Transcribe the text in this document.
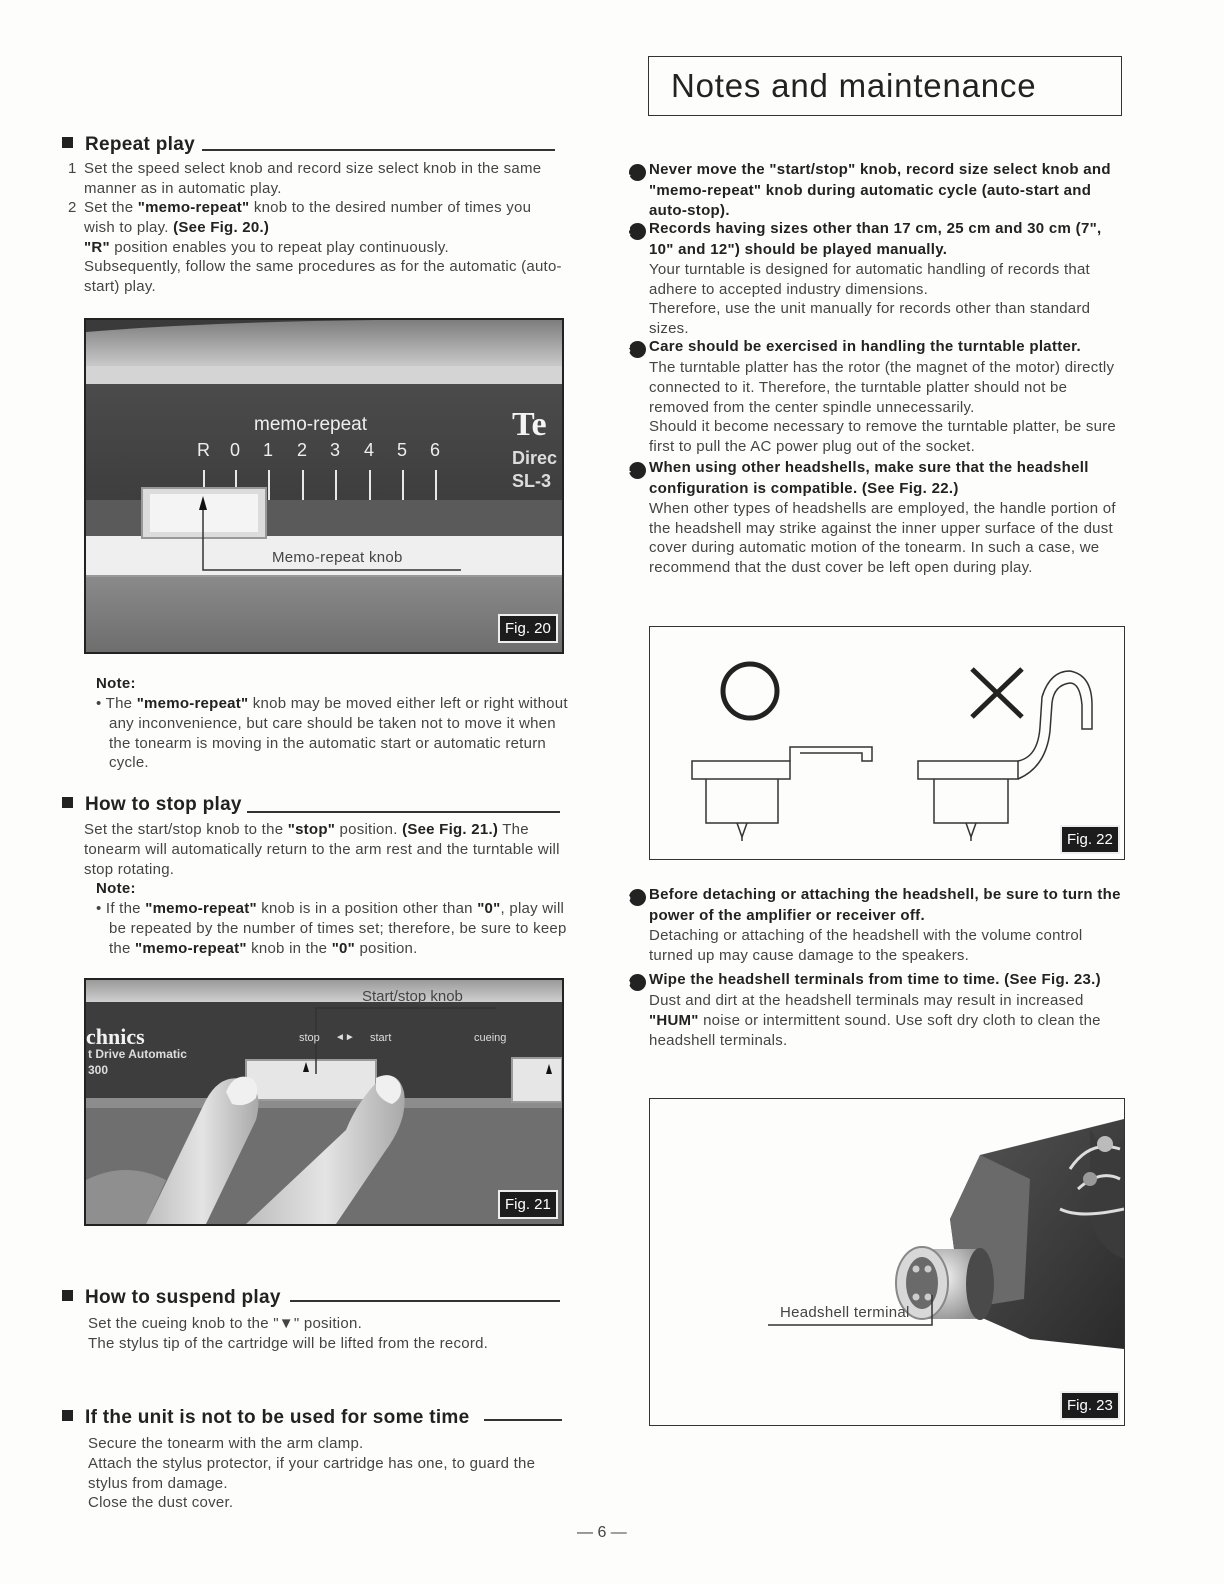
Notes and maintenance
Repeat play
1 Set the speed select knob and record size select knob in the same manner as in automatic play.
2 Set the "memo-repeat" knob to the desired number of times you wish to play. (See Fig. 20.)
"R" position enables you to repeat play continuously.
Subsequently, follow the same procedures as for the automatic (auto-start) play.
memo-repeat
R 0 1 2 3 4 5 6
Te
Direc
SL-3
Memo-repeat knob
Fig. 20
Note:
• The "memo-repeat" knob may be moved either left or right without any inconvenience, but care should be taken not to move it when the tonearm is moving in the automatic start or automatic return cycle.
How to stop play
Set the start/stop knob to the "stop" position. (See Fig. 21.) The tonearm will automatically return to the arm rest and the turntable will stop rotating.
Note:
• If the "memo-repeat" knob is in a position other than "0", play will be repeated by the number of times set; therefore, be sure to keep the "memo-repeat" knob in the "0" position.
Start/stop knob
chnics
t Drive Automatic
300
stop ◄► start	cueing
Fig. 21
How to suspend play
Set the cueing knob to the "▼" position.
The stylus tip of the cartridge will be lifted from the record.
If the unit is not to be used for some time
Secure the tonearm with the arm clamp.
Attach the stylus protector, if your cartridge has one, to guard the stylus from damage.
Close the dust cover.
1 Never move the "start/stop" knob, record size select knob and "memo-repeat" knob during automatic cycle (auto-start and auto-stop).
2 Records having sizes other than 17 cm, 25 cm and 30 cm (7", 10" and 12") should be played manually.
Your turntable is designed for automatic handling of records that adhere to accepted industry dimensions.
Therefore, use the unit manually for records other than standard sizes.
3 Care should be exercised in handling the turntable platter.
The turntable platter has the rotor (the magnet of the motor) directly connected to it. Therefore, the turntable platter should not be removed from the center spindle unnecessarily.
Should it become necessary to remove the turntable platter, be sure first to pull the AC power plug out of the socket.
4 When using other headshells, make sure that the headshell configuration is compatible. (See Fig. 22.)
When other types of headshells are employed, the handle portion of the headshell may strike against the inner upper surface of the dust cover during automatic motion of the tonearm. In such a case, we recommend that the dust cover be left open during play.
Fig. 22
5 Before detaching or attaching the headshell, be sure to turn the power of the amplifier or receiver off.
Detaching or attaching of the headshell with the volume control turned up may cause damage to the speakers.
6 Wipe the headshell terminals from time to time. (See Fig. 23.)
Dust and dirt at the headshell terminals may result in increased "HUM" noise or intermittent sound. Use soft dry cloth to clean the headshell terminals.
Headshell terminal
Fig. 23
— 6 —
